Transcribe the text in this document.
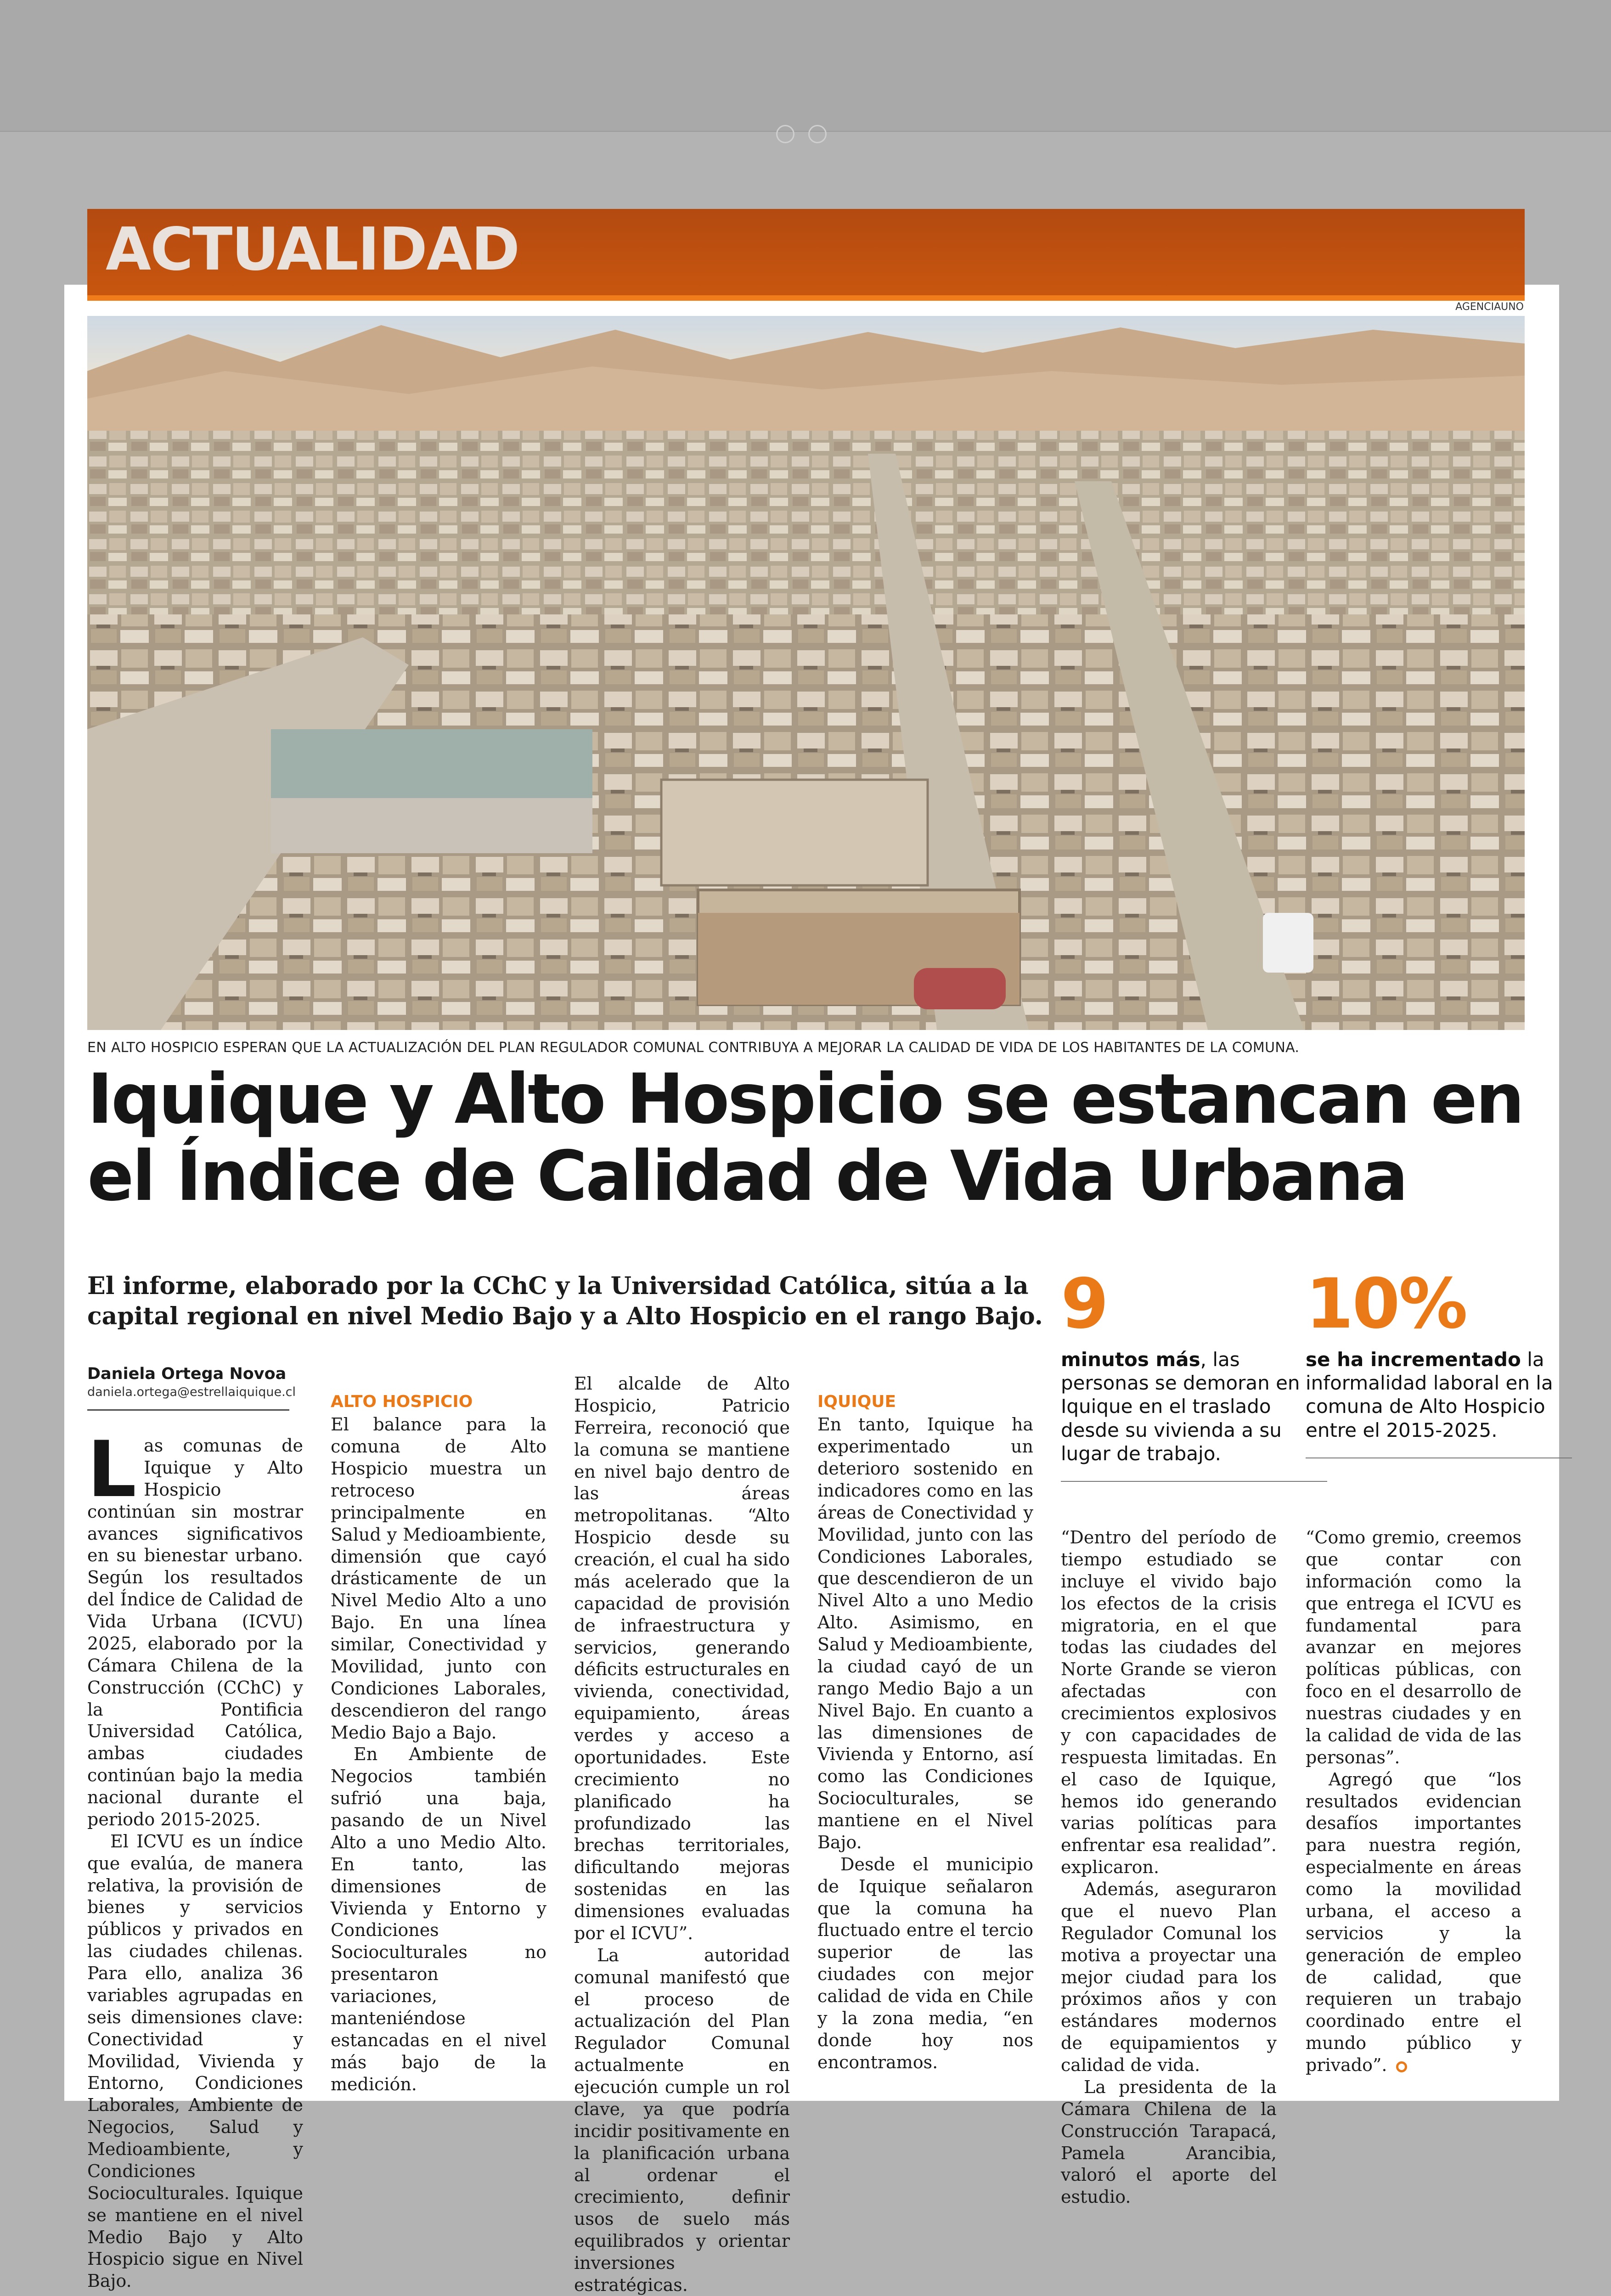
ACTUALIDAD
AGENCIAUNO
EN ALTO HOSPICIO ESPERAN QUE LA ACTUALIZACIÓN DEL PLAN REGULADOR COMUNAL CONTRIBUYA A MEJORAR LA CALIDAD DE VIDA DE LOS HABITANTES DE LA COMUNA.
Iquique y Alto Hospicio se estancan en el Índice de Calidad de Vida Urbana
El informe, elaborado por la CChC y la Universidad Católica, sitúa a la capital regional en nivel Medio Bajo y a Alto Hospicio en el rango Bajo. 9
minutos más, las personas se demoran en Iquique en el traslado desde su vivienda a su lugar de trabajo.
10%
se ha incrementado la informalidad laboral en la comuna de Alto Hospicio entre el 2015-2025.
Daniela Ortega Novoa
daniela.ortega@estrellaiquique.cl

Las comunas de Iquique y Alto Hospicio continúan sin mostrar avances significativos en su bienestar urbano. Según los resultados del Índice de Calidad de Vida Urbana (ICVU) 2025, elaborado por la Cámara Chilena de la Construcción (CChC) y la Pontificia Universidad Católica, ambas ciudades continúan bajo la media nacional durante el periodo 2015-2025.

El ICVU es un índice que evalúa, de manera relativa, la provisión de bienes y servicios públicos y privados en las ciudades chilenas. Para ello, analiza 36 variables agrupadas en seis dimensiones clave: Conectividad y Movilidad, Vivienda y Entorno, Condiciones Laborales, Ambiente de Negocios, Salud y Medioambiente, y Condiciones Socioculturales. Iquique se mantiene en el nivel Medio Bajo y Alto Hospicio sigue en Nivel Bajo.

ALTO HOSPICIO

El balance para la comuna de Alto Hospicio muestra un retroceso principalmente en Salud y Medioambiente, dimensión que cayó drásticamente de un Nivel Medio Alto a uno Bajo. En una línea similar, Conectividad y Movilidad, junto con Condiciones Laborales, descendieron del rango Medio Bajo a Bajo.

En Ambiente de Negocios también sufrió una baja, pasando de un Nivel Alto a uno Medio Alto. En tanto, las dimensiones de Vivienda y Entorno y Condiciones Socioculturales no presentaron variaciones, manteniéndose estancadas en el nivel más bajo de la medición.

El alcalde de Alto Hospicio, Patricio Ferreira, reconoció que la comuna se mantiene en nivel bajo dentro de las áreas metropolitanas. “Alto Hospicio desde su creación, el cual ha sido más acelerado que la capacidad de provisión de infraestructura y servicios, generando déficits estructurales en vivienda, conectividad, equipamiento, áreas verdes y acceso a oportunidades. Este crecimiento no planificado ha profundizado las brechas territoriales, dificultando mejoras sostenidas en las dimensiones evaluadas por el ICVU”.

La autoridad comunal manifestó que el proceso de actualización del Plan Regulador Comunal actualmente en ejecución cumple un rol clave, ya que podría incidir positivamente en la planificación urbana al ordenar el crecimiento, definir usos de suelo más equilibrados y orientar inversiones estratégicas.

IQUIQUE

En tanto, Iquique ha experimentado un deterioro sostenido en indicadores como en las áreas de Conectividad y Movilidad, junto con las Condiciones Laborales, que descendieron de un Nivel Alto a uno Medio Alto. Asimismo, en Salud y Medioambiente, la ciudad cayó de un rango Medio Bajo a un Nivel Bajo. En cuanto a las dimensiones de Vivienda y Entorno, así como las Condiciones Socioculturales, se mantiene en el Nivel Bajo.

Desde el municipio de Iquique señalaron que la comuna ha fluctuado entre el tercio superior de las ciudades con mejor calidad de vida en Chile y la zona media, “en donde hoy nos encontramos.

“Dentro del período de tiempo estudiado se incluye el vivido bajo los efectos de la crisis migratoria, en el que todas las ciudades del Norte Grande se vieron afectadas con crecimientos explosivos y con capacidades de respuesta limitadas. En el caso de Iquique, hemos ido generando varias políticas para enfrentar esa realidad”. explicaron.

Además, aseguraron que el nuevo Plan Regulador Comunal los motiva a proyectar una mejor ciudad para los próximos años y con estándares modernos de equipamientos y calidad de vida.

La presidenta de la Cámara Chilena de la Construcción Tarapacá, Pamela Arancibia, valoró el aporte del estudio.

“Como gremio, creemos que contar con información como la que entrega el ICVU es fundamental para avanzar en mejores políticas públicas, con foco en el desarrollo de nuestras ciudades y en la calidad de vida de las personas”.

Agregó que “los resultados evidencian desafíos importantes para nuestra región, especialmente en áreas como la movilidad urbana, el acceso a servicios y la generación de empleo de calidad, que requieren un trabajo coordinado entre el mundo público y privado”.
